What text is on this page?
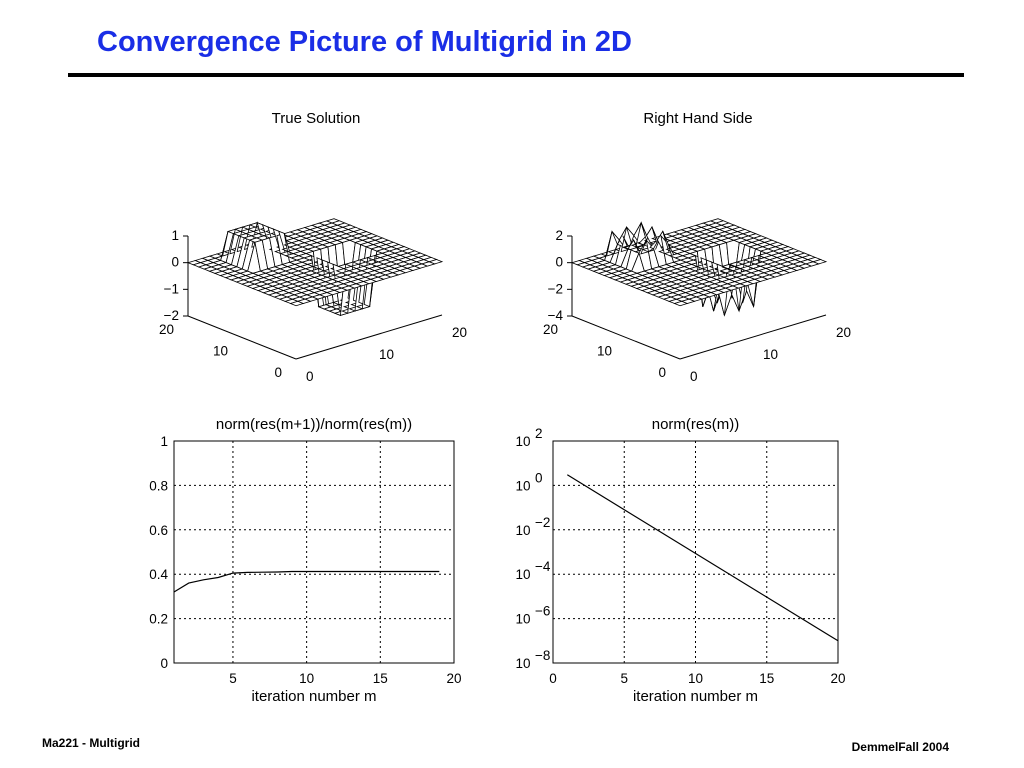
Convergence Picture of Multigrid in 2D
True Solution
1
0
−1
−2
0
10
20
0
10
20
Right Hand Side
2
0
−2
−4
0
10
20
0
10
20
norm(res(m+1))/norm(res(m))
iteration number m
5	10	15	20
0
0.2
0.4
0.6
0.8
1
norm(res(m))
iteration number m
0	5	10	15	20
10
2
10
0
10
−2
10
−4
10
−6
10
−8
Ma221 - Multigrid	DemmelFall 2004
